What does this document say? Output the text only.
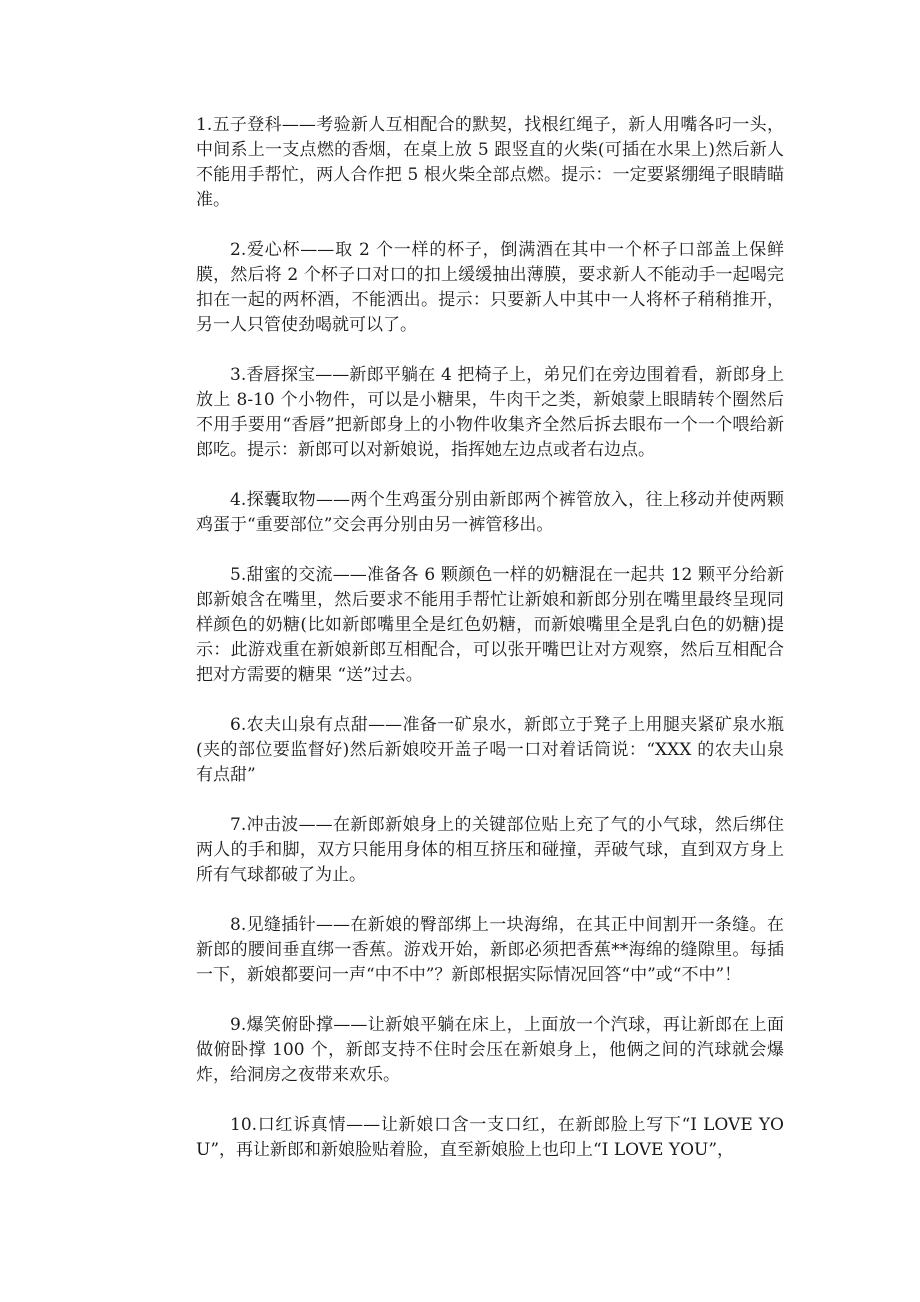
1.五子登科——考验新人互相配合的默契，找根红绳子，新人用嘴各叼一头，中间系上一支点燃的香烟，在桌上放 5 跟竖直的火柴(可插在水果上)然后新人不能用手帮忙，两人合作把 5 根火柴全部点燃。提示：一定要紧绷绳子眼睛瞄准。

2.爱心杯——取 2 个一样的杯子，倒满酒在其中一个杯子口部盖上保鲜膜，然后将 2 个杯子口对口的扣上缓缓抽出薄膜，要求新人不能动手一起喝完扣在一起的两杯酒，不能洒出。提示：只要新人中其中一人将杯子稍稍推开，另一人只管使劲喝就可以了。

3.香唇探宝——新郎平躺在 4 把椅子上，弟兄们在旁边围着看，新郎身上放上 8-10 个小物件，可以是小糖果，牛肉干之类，新娘蒙上眼睛转个圈然后不用手要用“香唇”把新郎身上的小物件收集齐全然后拆去眼布一个一个喂给新郎吃。提示：新郎可以对新娘说，指挥她左边点或者右边点。

4.探囊取物——两个生鸡蛋分别由新郎两个裤管放入，往上移动并使两颗鸡蛋于“重要部位”交会再分别由另一裤管移出。

5.甜蜜的交流——准备各 6 颗颜色一样的奶糖混在一起共 12 颗平分给新郎新娘含在嘴里，然后要求不能用手帮忙让新娘和新郎分别在嘴里最终呈现同样颜色的奶糖(比如新郎嘴里全是红色奶糖，而新娘嘴里全是乳白色的奶糖)提示：此游戏重在新娘新郎互相配合，可以张开嘴巴让对方观察，然后互相配合把对方需要的糖果 “送”过去。

6.农夫山泉有点甜——准备一矿泉水，新郎立于凳子上用腿夹紧矿泉水瓶(夹的部位要监督好)然后新娘咬开盖子喝一口对着话筒说：“XXX 的农夫山泉有点甜”

7.冲击波——在新郎新娘身上的关键部位贴上充了气的小气球，然后绑住两人的手和脚，双方只能用身体的相互挤压和碰撞，弄破气球，直到双方身上所有气球都破了为止。

8.见缝插针——在新娘的臀部绑上一块海绵，在其正中间割开一条缝。在新郎的腰间垂直绑一香蕉。游戏开始，新郎必须把香蕉**海绵的缝隙里。每插一下，新娘都要问一声“中不中”？新郎根据实际情况回答“中”或“不中”！

9.爆笑俯卧撑——让新娘平躺在床上，上面放一个汽球，再让新郎在上面做俯卧撑 100 个，新郎支持不住时会压在新娘身上，他俩之间的汽球就会爆炸，给洞房之夜带来欢乐。

10.口红诉真情——让新娘口含一支口红，在新郎脸上写下“I LOVE YOU”，再让新郎和新娘脸贴着脸，直至新娘脸上也印上“I LOVE YOU”，
